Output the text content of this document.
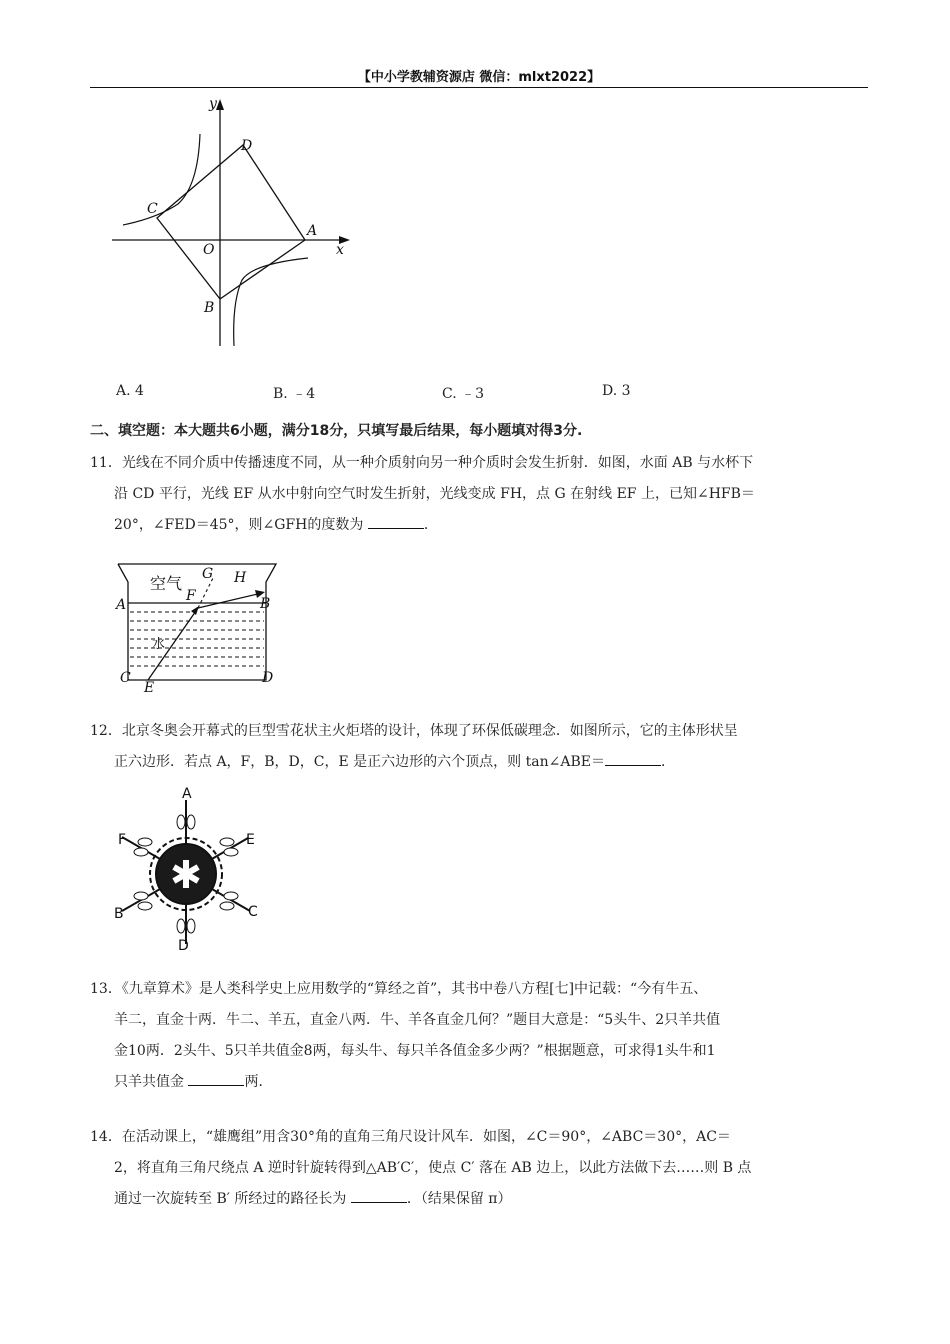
【中小学教辅资源店 微信：mlxt2022】
y
x
O
A
B
C
D
A. 4	B. ﹣4	C. ﹣3	D. 3
二、填空题：本大题共6小题，满分18分，只填写最后结果，每小题填对得3分.

11．光线在不同介质中传播速度不同，从一种介质射向另一种介质时会发生折射．如图，水面 AB 与水杯下

沿 CD 平行，光线 EF 从水中射向空气时发生折射，光线变成 FH，点 G 在射线 EF 上，已知∠HFB＝

20°，∠FED＝45°，则∠GFH的度数为	．

空气
水
A	B
C	D
E
F
G H

12．北京冬奥会开幕式的巨型雪花状主火炬塔的设计，体现了环保低碳理念．如图所示，它的主体形状呈

正六边形．若点 A，F，B，D，C，E 是正六边形的六个顶点，则 tan∠ABE＝	．

A
F	E
B	C
D

13．《九章算术》是人类科学史上应用数学的“算经之首”，其书中卷八方程[七]中记载：“今有牛五、

羊二，直金十两．牛二、羊五，直金八两．牛、羊各直金几何？”题目大意是：“5头牛、2只羊共值

金10两．2头牛、5只羊共值金8两，每头牛、每只羊各值金多少两？”根据题意，可求得1头牛和1

只羊共值金	两．

14．在活动课上，“雄鹰组”用含30°角的直角三角尺设计风车．如图，∠C＝90°，∠ABC＝30°，AC＝

2，将直角三角尺绕点 A 逆时针旋转得到△AB′C′，使点 C′ 落在 AB 边上，以此方法做下去……则 B 点

通过一次旋转至 B′ 所经过的路径长为	．（结果保留 π）
